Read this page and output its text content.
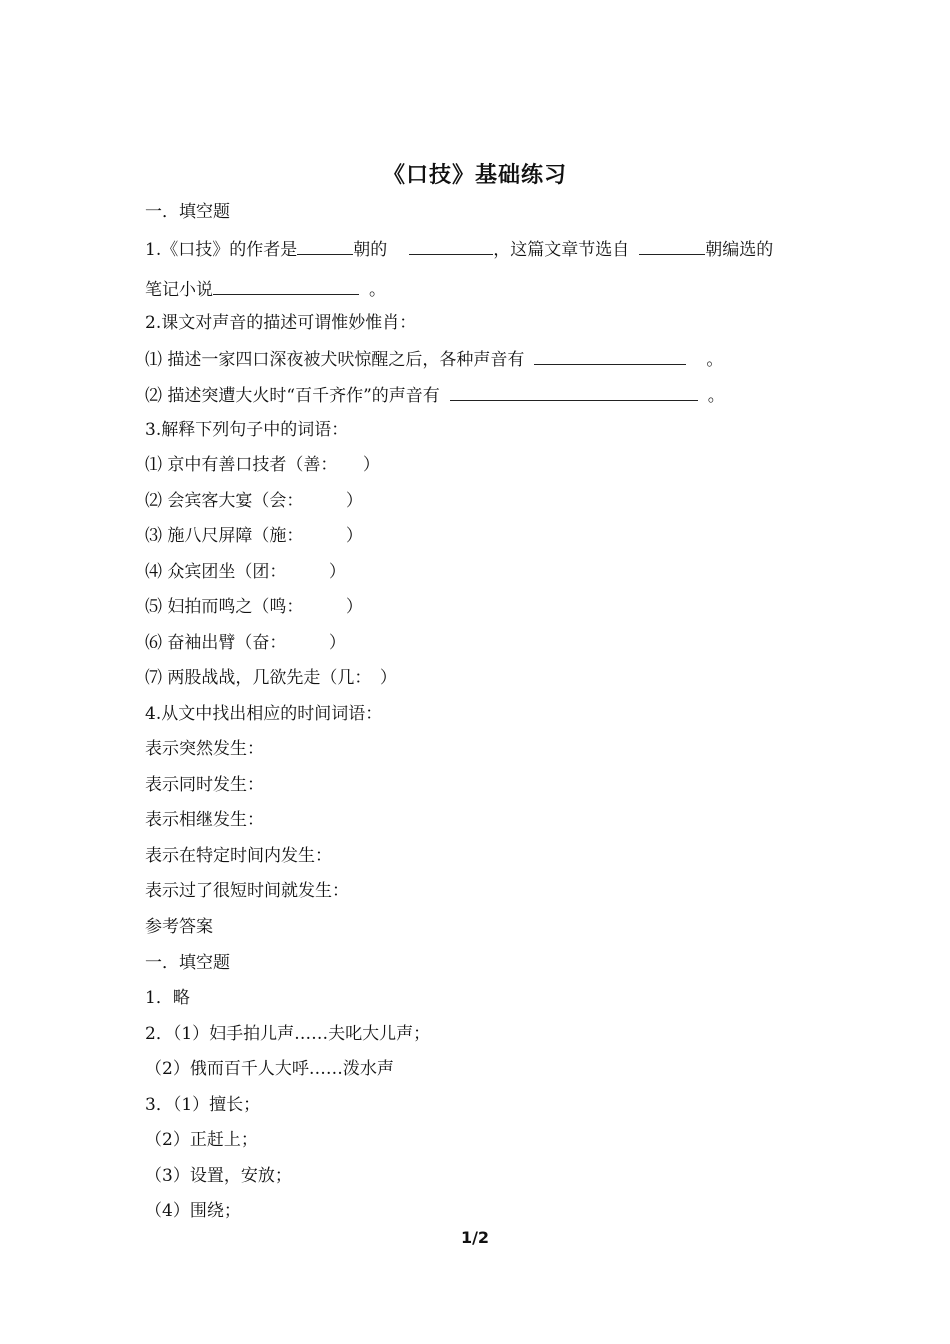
《口技》基础练习
一．填空题
1.《口技》的作者是	朝的	，这篇文章节选自	朝编选的
笔记小说	。
2.课文对声音的描述可谓惟妙惟肖：
⑴ 描述一家四口深夜被犬吠惊醒之后，各种声音有	。
⑵ 描述突遭大火时“百千齐作”的声音有	。
3.解释下列句子中的词语：
⑴ 京中有善口技者（善：　　）
⑵ 会宾客大宴（会：　　　）
⑶ 施八尺屏障（施：　　　）
⑷ 众宾团坐（团：　　　）
⑸ 妇拍而鸣之（鸣：　　　）
⑹ 奋袖出臂（奋：　　　）
⑺ 两股战战，几欲先走（几：　）
4.从文中找出相应的时间词语：
表示突然发生：
表示同时发生：
表示相继发生：
表示在特定时间内发生：
表示过了很短时间就发生：
参考答案
一．填空题
1．略
2．（1）妇手拍儿声……夫叱大儿声；
（2）俄而百千人大呼……泼水声
3．（1）擅长；
（2）正赶上；
（3）设置，安放；
（4）围绕；
1/2
